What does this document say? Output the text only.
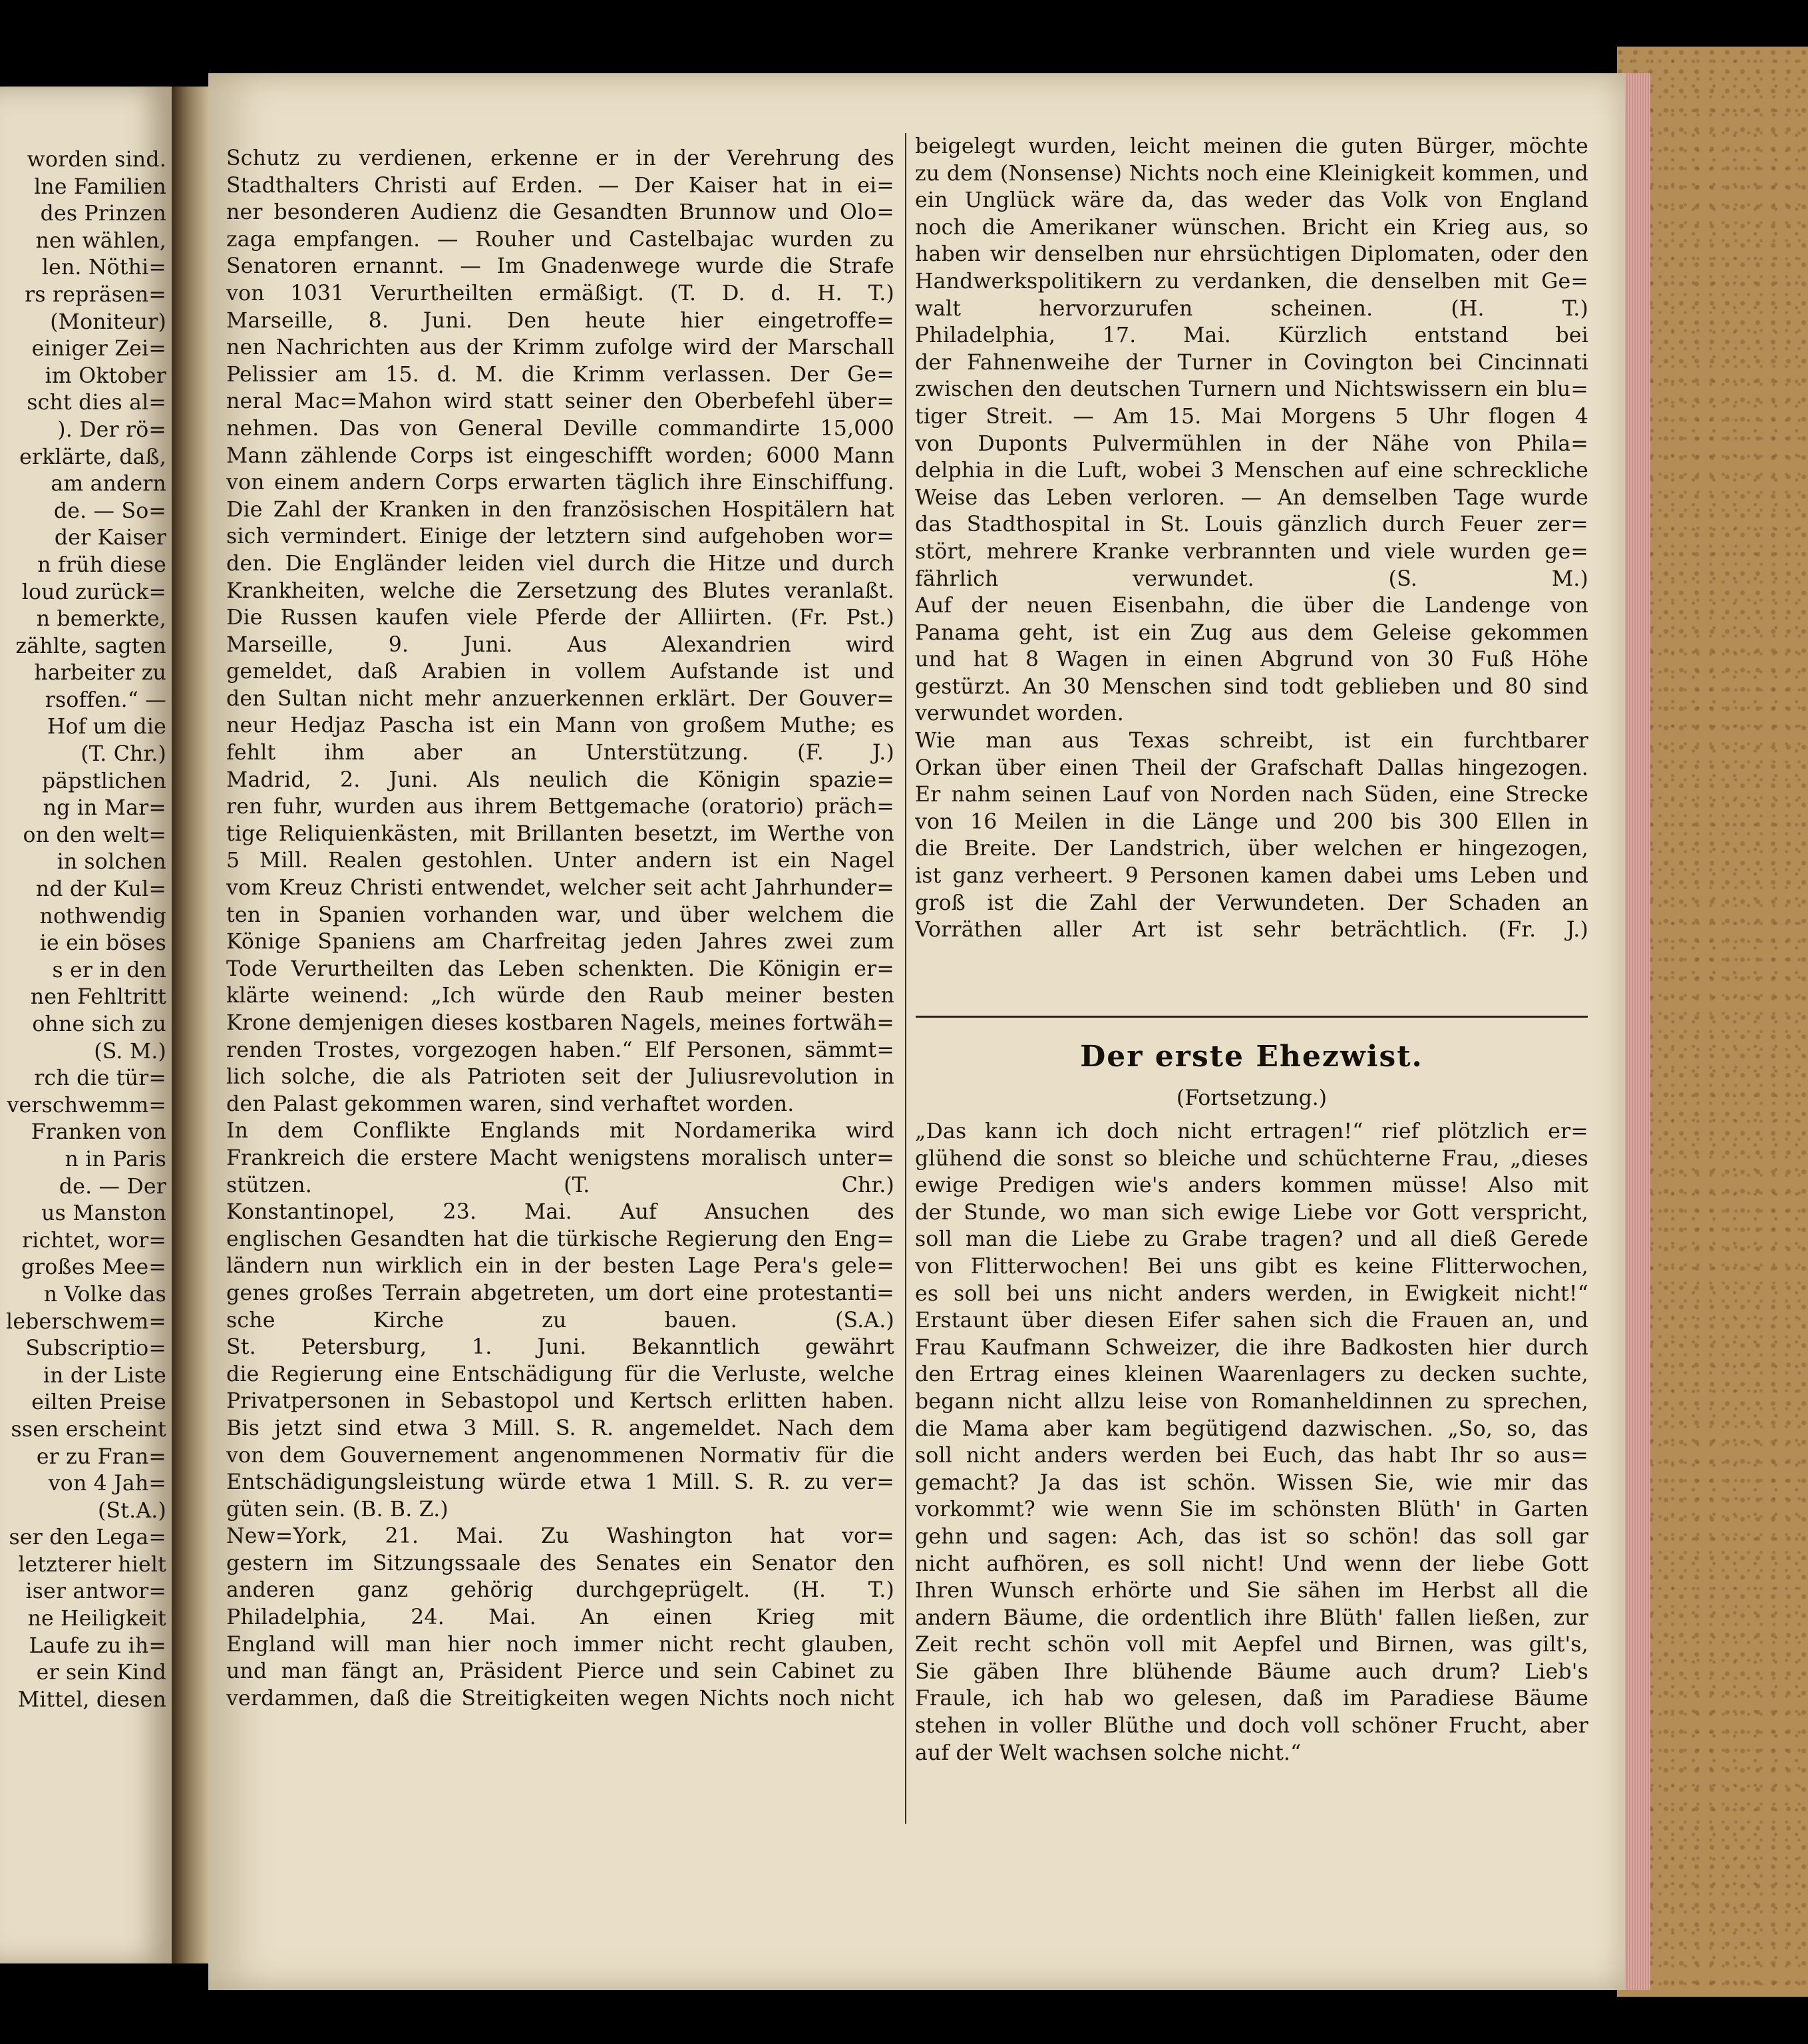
worden sind.
lne Familien
des Prinzen
nen wählen,
len. Nöthi=
rs repräsen=
(Moniteur)
einiger Zei=
im Oktober
scht dies al=
). Der rö=
erklärte, daß,
am andern
de. — So=
der Kaiser
n früh diese
loud zurück=
n bemerkte,
zählte, sagten
harbeiter zu
rsoffen.“ —
Hof um die
(T. Chr.)
päpstlichen
ng in Mar=
on den welt=
in solchen
nd der Kul=
nothwendig
ie ein böses
s er in den
nen Fehltritt
ohne sich zu
(S. M.)
rch die tür=
verschwemm=
Franken von
n in Paris
de. — Der
us Manston
richtet, wor=
großes Mee=
n Volke das
leberschwem=
Subscriptio=
in der Liste
eilten Preise
ssen erscheint
er zu Fran=
von 4 Jah=
(St.A.)
ser den Lega=
letzterer hielt
iser antwor=
ne Heiligkeit
Laufe zu ih=
er sein Kind
Mittel, diesen
Schutz zu verdienen, erkenne er in der Verehrung des
Stadthalters Christi auf Erden. — Der Kaiser hat in ei=
ner besonderen Audienz die Gesandten Brunnow und Olo=
zaga empfangen. — Rouher und Castelbajac wurden zu
Senatoren ernannt. — Im Gnadenwege wurde die Strafe
von 1031 Verurtheilten ermäßigt. (T. D. d. H. T.)
Marseille, 8. Juni. Den heute hier eingetroffe=
nen Nachrichten aus der Krimm zufolge wird der Marschall
Pelissier am 15. d. M. die Krimm verlassen. Der Ge=
neral Mac=Mahon wird statt seiner den Oberbefehl über=
nehmen. Das von General Deville commandirte 15,000
Mann zählende Corps ist eingeschifft worden; 6000 Mann
von einem andern Corps erwarten täglich ihre Einschiffung.
Die Zahl der Kranken in den französischen Hospitälern hat
sich vermindert. Einige der letztern sind aufgehoben wor=
den. Die Engländer leiden viel durch die Hitze und durch
Krankheiten, welche die Zersetzung des Blutes veranlaßt.
Die Russen kaufen viele Pferde der Alliirten. (Fr. Pst.)
Marseille, 9. Juni. Aus Alexandrien wird
gemeldet, daß Arabien in vollem Aufstande ist und
den Sultan nicht mehr anzuerkennen erklärt. Der Gouver=
neur Hedjaz Pascha ist ein Mann von großem Muthe; es
fehlt ihm aber an Unterstützung. (F. J.)
Madrid, 2. Juni. Als neulich die Königin spazie=
ren fuhr, wurden aus ihrem Bettgemache (oratorio) präch=
tige Reliquienkästen, mit Brillanten besetzt, im Werthe von
5 Mill. Realen gestohlen. Unter andern ist ein Nagel
vom Kreuz Christi entwendet, welcher seit acht Jahrhunder=
ten in Spanien vorhanden war, und über welchem die
Könige Spaniens am Charfreitag jeden Jahres zwei zum
Tode Verurtheilten das Leben schenkten. Die Königin er=
klärte weinend: „Ich würde den Raub meiner besten
Krone demjenigen dieses kostbaren Nagels, meines fortwäh=
renden Trostes, vorgezogen haben.“ Elf Personen, sämmt=
lich solche, die als Patrioten seit der Juliusrevolution in
den Palast gekommen waren, sind verhaftet worden.
In dem Conflikte Englands mit Nordamerika wird
Frankreich die erstere Macht wenigstens moralisch unter=
stützen. (T. Chr.)
Konstantinopel, 23. Mai. Auf Ansuchen des
englischen Gesandten hat die türkische Regierung den Eng=
ländern nun wirklich ein in der besten Lage Pera's gele=
genes großes Terrain abgetreten, um dort eine protestanti=
sche Kirche zu bauen. (S.A.)
St. Petersburg, 1. Juni. Bekanntlich gewährt
die Regierung eine Entschädigung für die Verluste, welche
Privatpersonen in Sebastopol und Kertsch erlitten haben.
Bis jetzt sind etwa 3 Mill. S. R. angemeldet. Nach dem
von dem Gouvernement angenommenen Normativ für die
Entschädigungsleistung würde etwa 1 Mill. S. R. zu ver=
güten sein. (B. B. Z.)
New=York, 21. Mai. Zu Washington hat vor=
gestern im Sitzungssaale des Senates ein Senator den
anderen ganz gehörig durchgeprügelt. (H. T.)
Philadelphia, 24. Mai. An einen Krieg mit
England will man hier noch immer nicht recht glauben,
und man fängt an, Präsident Pierce und sein Cabinet zu
verdammen, daß die Streitigkeiten wegen Nichts noch nicht
beigelegt wurden, leicht meinen die guten Bürger, möchte
zu dem (Nonsense) Nichts noch eine Kleinigkeit kommen, und
ein Unglück wäre da, das weder das Volk von England
noch die Amerikaner wünschen. Bricht ein Krieg aus, so
haben wir denselben nur ehrsüchtigen Diplomaten, oder den
Handwerkspolitikern zu verdanken, die denselben mit Ge=
walt hervorzurufen scheinen. (H. T.)
Philadelphia, 17. Mai. Kürzlich entstand bei
der Fahnenweihe der Turner in Covington bei Cincinnati
zwischen den deutschen Turnern und Nichtswissern ein blu=
tiger Streit. — Am 15. Mai Morgens 5 Uhr flogen 4
von Duponts Pulvermühlen in der Nähe von Phila=
delphia in die Luft, wobei 3 Menschen auf eine schreckliche
Weise das Leben verloren. — An demselben Tage wurde
das Stadthospital in St. Louis gänzlich durch Feuer zer=
stört, mehrere Kranke verbrannten und viele wurden ge=
fährlich verwundet. (S. M.)
Auf der neuen Eisenbahn, die über die Landenge von
Panama geht, ist ein Zug aus dem Geleise gekommen
und hat 8 Wagen in einen Abgrund von 30 Fuß Höhe
gestürzt. An 30 Menschen sind todt geblieben und 80 sind
verwundet worden.
Wie man aus Texas schreibt, ist ein furchtbarer
Orkan über einen Theil der Grafschaft Dallas hingezogen.
Er nahm seinen Lauf von Norden nach Süden, eine Strecke
von 16 Meilen in die Länge und 200 bis 300 Ellen in
die Breite. Der Landstrich, über welchen er hingezogen,
ist ganz verheert. 9 Personen kamen dabei ums Leben und
groß ist die Zahl der Verwundeten. Der Schaden an
Vorräthen aller Art ist sehr beträchtlich. (Fr. J.)
Der erste Ehezwist.
(Fortsetzung.)
„Das kann ich doch nicht ertragen!“ rief plötzlich er=
glühend die sonst so bleiche und schüchterne Frau, „dieses
ewige Predigen wie's anders kommen müsse! Also mit
der Stunde, wo man sich ewige Liebe vor Gott verspricht,
soll man die Liebe zu Grabe tragen? und all dieß Gerede
von Flitterwochen! Bei uns gibt es keine Flitterwochen,
es soll bei uns nicht anders werden, in Ewigkeit nicht!“
Erstaunt über diesen Eifer sahen sich die Frauen an, und
Frau Kaufmann Schweizer, die ihre Badkosten hier durch
den Ertrag eines kleinen Waarenlagers zu decken suchte,
begann nicht allzu leise von Romanheldinnen zu sprechen,
die Mama aber kam begütigend dazwischen. „So, so, das
soll nicht anders werden bei Euch, das habt Ihr so aus=
gemacht? Ja das ist schön. Wissen Sie, wie mir das
vorkommt? wie wenn Sie im schönsten Blüth' in Garten
gehn und sagen: Ach, das ist so schön! das soll gar
nicht aufhören, es soll nicht! Und wenn der liebe Gott
Ihren Wunsch erhörte und Sie sähen im Herbst all die
andern Bäume, die ordentlich ihre Blüth' fallen ließen, zur
Zeit recht schön voll mit Aepfel und Birnen, was gilt's,
Sie gäben Ihre blühende Bäume auch drum? Lieb's
Fraule, ich hab wo gelesen, daß im Paradiese Bäume
stehen in voller Blüthe und doch voll schöner Frucht, aber
auf der Welt wachsen solche nicht.“
